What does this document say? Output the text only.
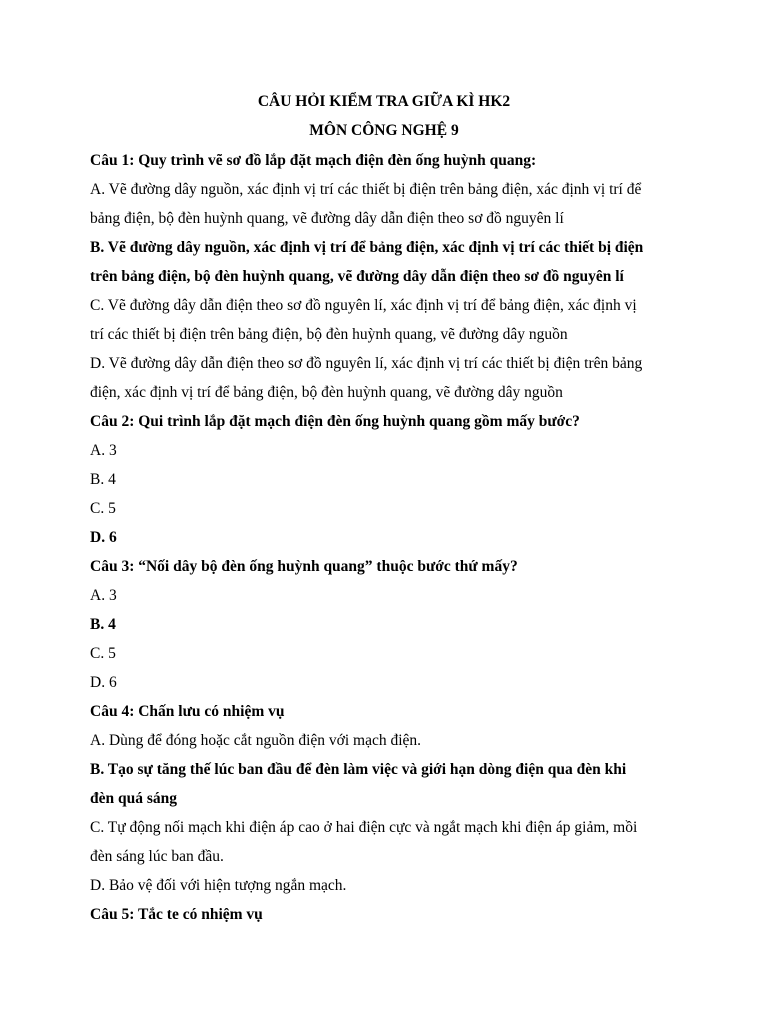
CÂU HỎI KIỂM TRA GIỮA KÌ HK2
MÔN CÔNG NGHỆ 9
Câu 1: Quy trình vẽ sơ đồ lắp đặt mạch điện đèn ống huỳnh quang:
A. Vẽ đường dây nguồn, xác định vị trí các thiết bị điện trên bảng điện, xác định vị trí để
bảng điện, bộ đèn huỳnh quang, vẽ đường dây dẫn điện theo sơ đồ nguyên lí
B. Vẽ đường dây nguồn, xác định vị trí để bảng điện, xác định vị trí các thiết bị điện
trên bảng điện, bộ đèn huỳnh quang, vẽ đường dây dẫn điện theo sơ đồ nguyên lí
C. Vẽ đường dây dẫn điện theo sơ đồ nguyên lí, xác định vị trí để bảng điện, xác định vị
trí các thiết bị điện trên bảng điện, bộ đèn huỳnh quang, vẽ đường dây nguồn
D. Vẽ đường dây dẫn điện theo sơ đồ nguyên lí, xác định vị trí các thiết bị điện trên bảng
điện, xác định vị trí để bảng điện, bộ đèn huỳnh quang, vẽ đường dây nguồn
Câu 2: Qui trình lắp đặt mạch điện đèn ống huỳnh quang gồm mấy bước?
A. 3
B. 4
C. 5
D. 6
Câu 3: “Nối dây bộ đèn ống huỳnh quang” thuộc bước thứ mấy?
A. 3
B. 4
C. 5
D. 6
Câu 4: Chấn lưu có nhiệm vụ
A. Dùng để đóng hoặc cắt nguồn điện với mạch điện.
B. Tạo sự tăng thế lúc ban đầu để đèn làm việc và giới hạn dòng điện qua đèn khi
đèn quá sáng
C. Tự động nối mạch khi điện áp cao ở hai điện cực và ngắt mạch khi điện áp giảm, mồi
đèn sáng lúc ban đầu.
D. Bảo vệ đối với hiện tượng ngắn mạch.
Câu 5: Tắc te có nhiệm vụ
